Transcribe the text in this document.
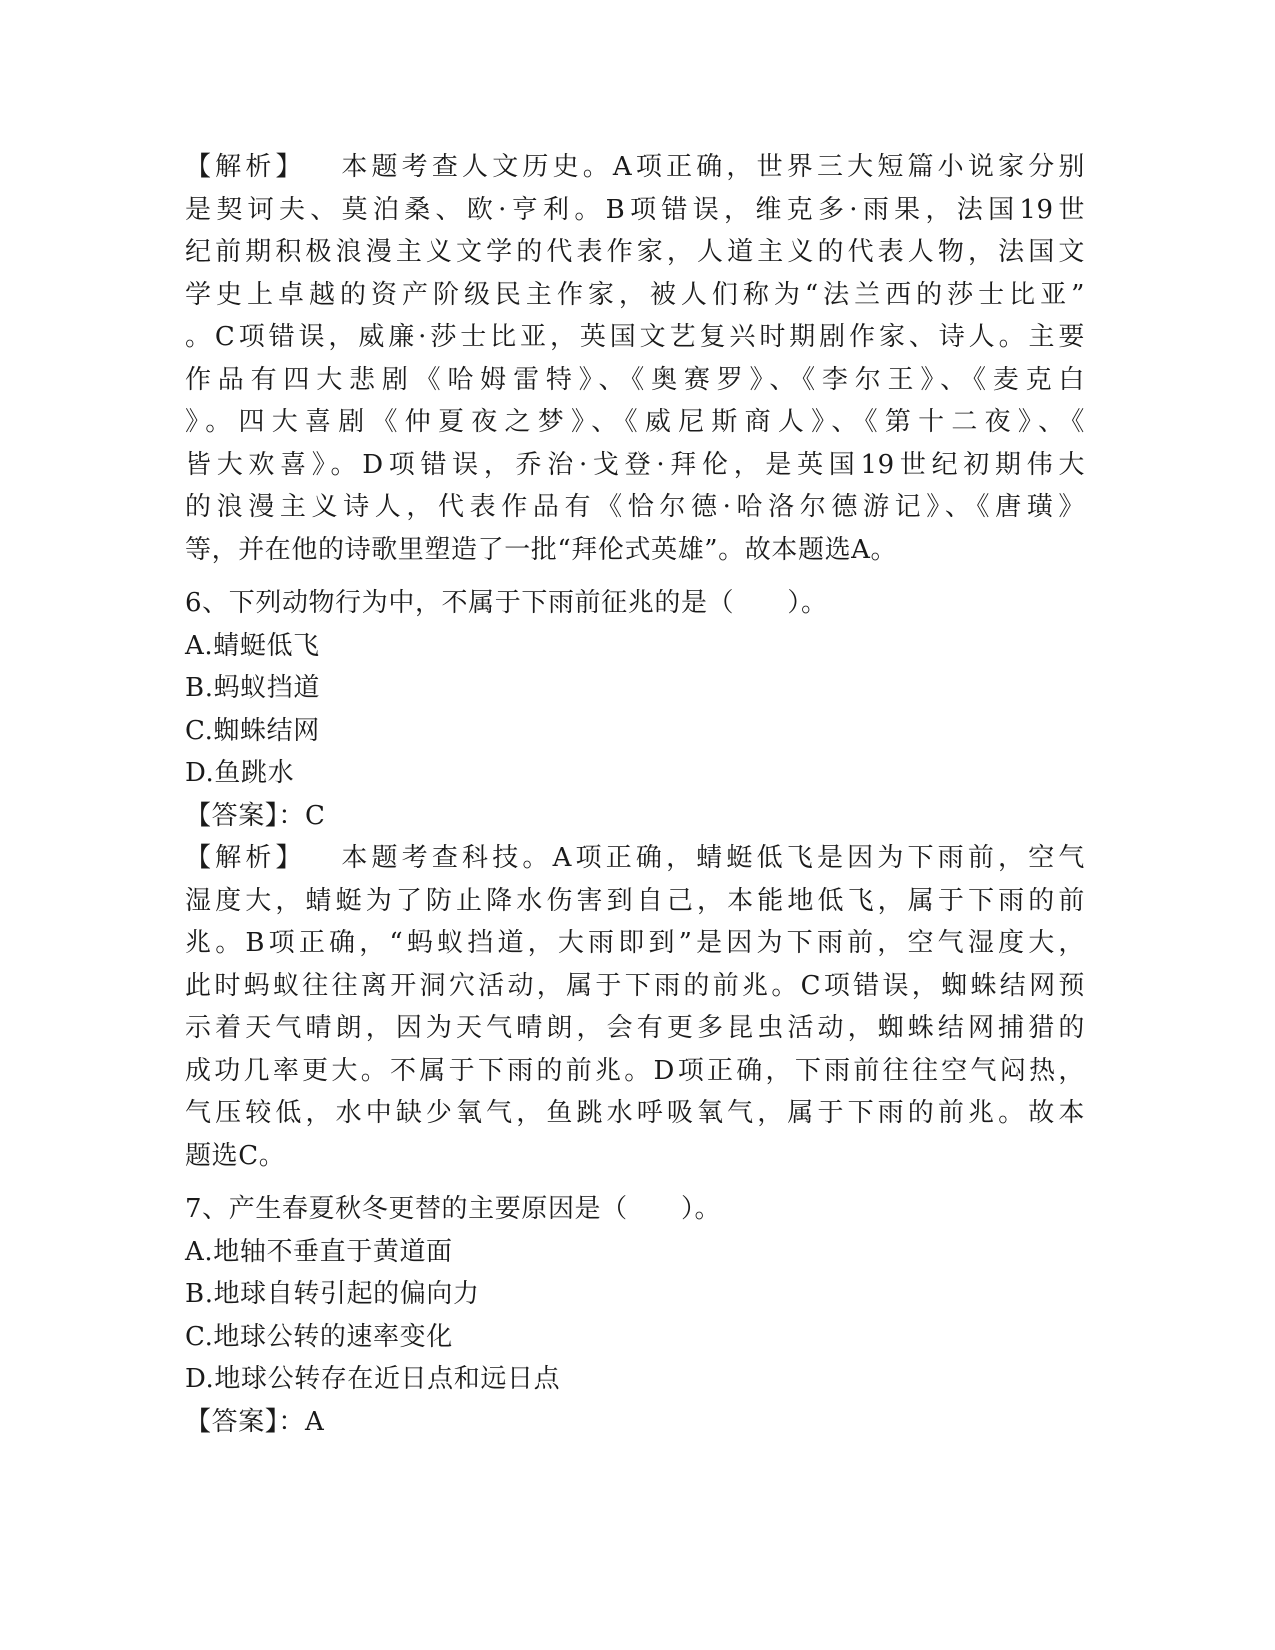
【解析】 本题考查人文历史。A项正确，世界三大短篇小说家分别
是契诃夫、莫泊桑、欧·亨利。B项错误，维克多·雨果，法国19世
纪前期积极浪漫主义文学的代表作家，人道主义的代表人物，法国文
学史上卓越的资产阶级民主作家，被人们称为“法兰西的莎士比亚”
。C项错误，威廉·莎士比亚，英国文艺复兴时期剧作家、诗人。主要
作品有四大悲剧《哈姆雷特》、《奥赛罗》、《李尔王》、《麦克白
》。四大喜剧《仲夏夜之梦》、《威尼斯商人》、《第十二夜》、《
皆大欢喜》。D项错误，乔治·戈登·拜伦，是英国19世纪初期伟大
的浪漫主义诗人，代表作品有《恰尔德·哈洛尔德游记》、《唐璜》
等，并在他的诗歌里塑造了一批“拜伦式英雄”。故本题选A。
6、下列动物行为中，不属于下雨前征兆的是（　　）。
A.蜻蜓低飞
B.蚂蚁挡道
C.蜘蛛结网
D.鱼跳水
【答案】：C
【解析】 本题考查科技。A项正确，蜻蜓低飞是因为下雨前，空气
湿度大，蜻蜓为了防止降水伤害到自己，本能地低飞，属于下雨的前
兆。B项正确，“蚂蚁挡道，大雨即到”是因为下雨前，空气湿度大，
此时蚂蚁往往离开洞穴活动，属于下雨的前兆。C项错误，蜘蛛结网预
示着天气晴朗，因为天气晴朗，会有更多昆虫活动，蜘蛛结网捕猎的
成功几率更大。不属于下雨的前兆。D项正确，下雨前往往空气闷热，
气压较低，水中缺少氧气，鱼跳水呼吸氧气，属于下雨的前兆。故本
题选C。
7、产生春夏秋冬更替的主要原因是（　　）。
A.地轴不垂直于黄道面
B.地球自转引起的偏向力
C.地球公转的速率变化
D.地球公转存在近日点和远日点
【答案】：A
